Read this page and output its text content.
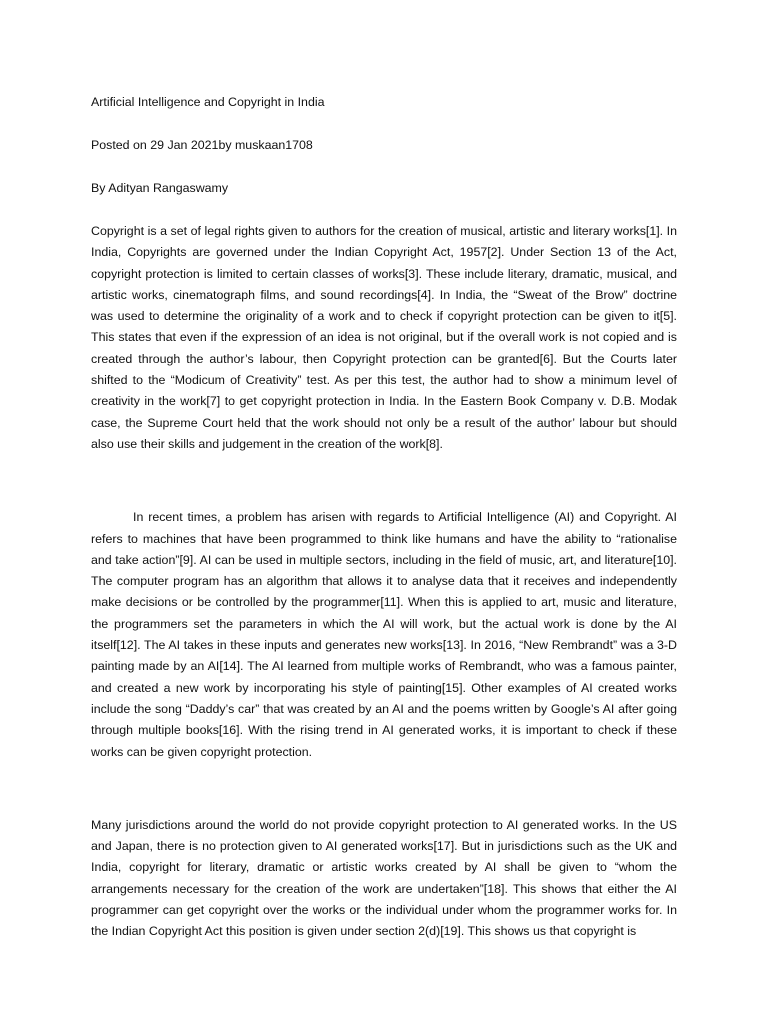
Artificial Intelligence and Copyright in India

Posted on 29 Jan 2021by muskaan1708

By Adityan Rangaswamy

Copyright is a set of legal rights given to authors for the creation of musical, artistic and literary works[1]. In India, Copyrights are governed under the Indian Copyright Act, 1957[2]. Under Section 13 of the Act, copyright protection is limited to certain classes of works[3]. These include literary, dramatic, musical, and artistic works, cinematograph films, and sound recordings[4]. In India, the “Sweat of the Brow” doctrine was used to determine the originality of a work and to check if copyright protection can be given to it[5]. This states that even if the expression of an idea is not original, but if the overall work is not copied and is created through the author’s labour, then Copyright protection can be granted[6]. But the Courts later shifted to the “Modicum of Creativity” test. As per this test, the author had to show a minimum level of creativity in the work[7] to get copyright protection in India. In the Eastern Book Company v. D.B. Modak case, the Supreme Court held that the work should not only be a result of the author’ labour but should also use their skills and judgement in the creation of the work[8].

In recent times, a problem has arisen with regards to Artificial Intelligence (AI) and Copyright. AI refers to machines that have been programmed to think like humans and have the ability to “rationalise and take action”[9]. AI can be used in multiple sectors, including in the field of music, art, and literature[10]. The computer program has an algorithm that allows it to analyse data that it receives and independently make decisions or be controlled by the programmer[11]. When this is applied to art, music and literature, the programmers set the parameters in which the AI will work, but the actual work is done by the AI itself[12]. The AI takes in these inputs and generates new works[13]. In 2016, “New Rembrandt” was a 3-D painting made by an AI[14]. The AI learned from multiple works of Rembrandt, who was a famous painter, and created a new work by incorporating his style of painting[15]. Other examples of AI created works include the song “Daddy’s car” that was created by an AI and the poems written by Google’s AI after going through multiple books[16]. With the rising trend in AI generated works, it is important to check if these works can be given copyright protection.

Many jurisdictions around the world do not provide copyright protection to AI generated works. In the US and Japan, there is no protection given to AI generated works[17]. But in jurisdictions such as the UK and India, copyright for literary, dramatic or artistic works created by AI shall be given to “whom the arrangements necessary for the creation of the work are undertaken”[18]. This shows that either the AI programmer can get copyright over the works or the individual under whom the programmer works for. In the Indian Copyright Act this position is given under section 2(d)[19]. This shows us that copyright is
